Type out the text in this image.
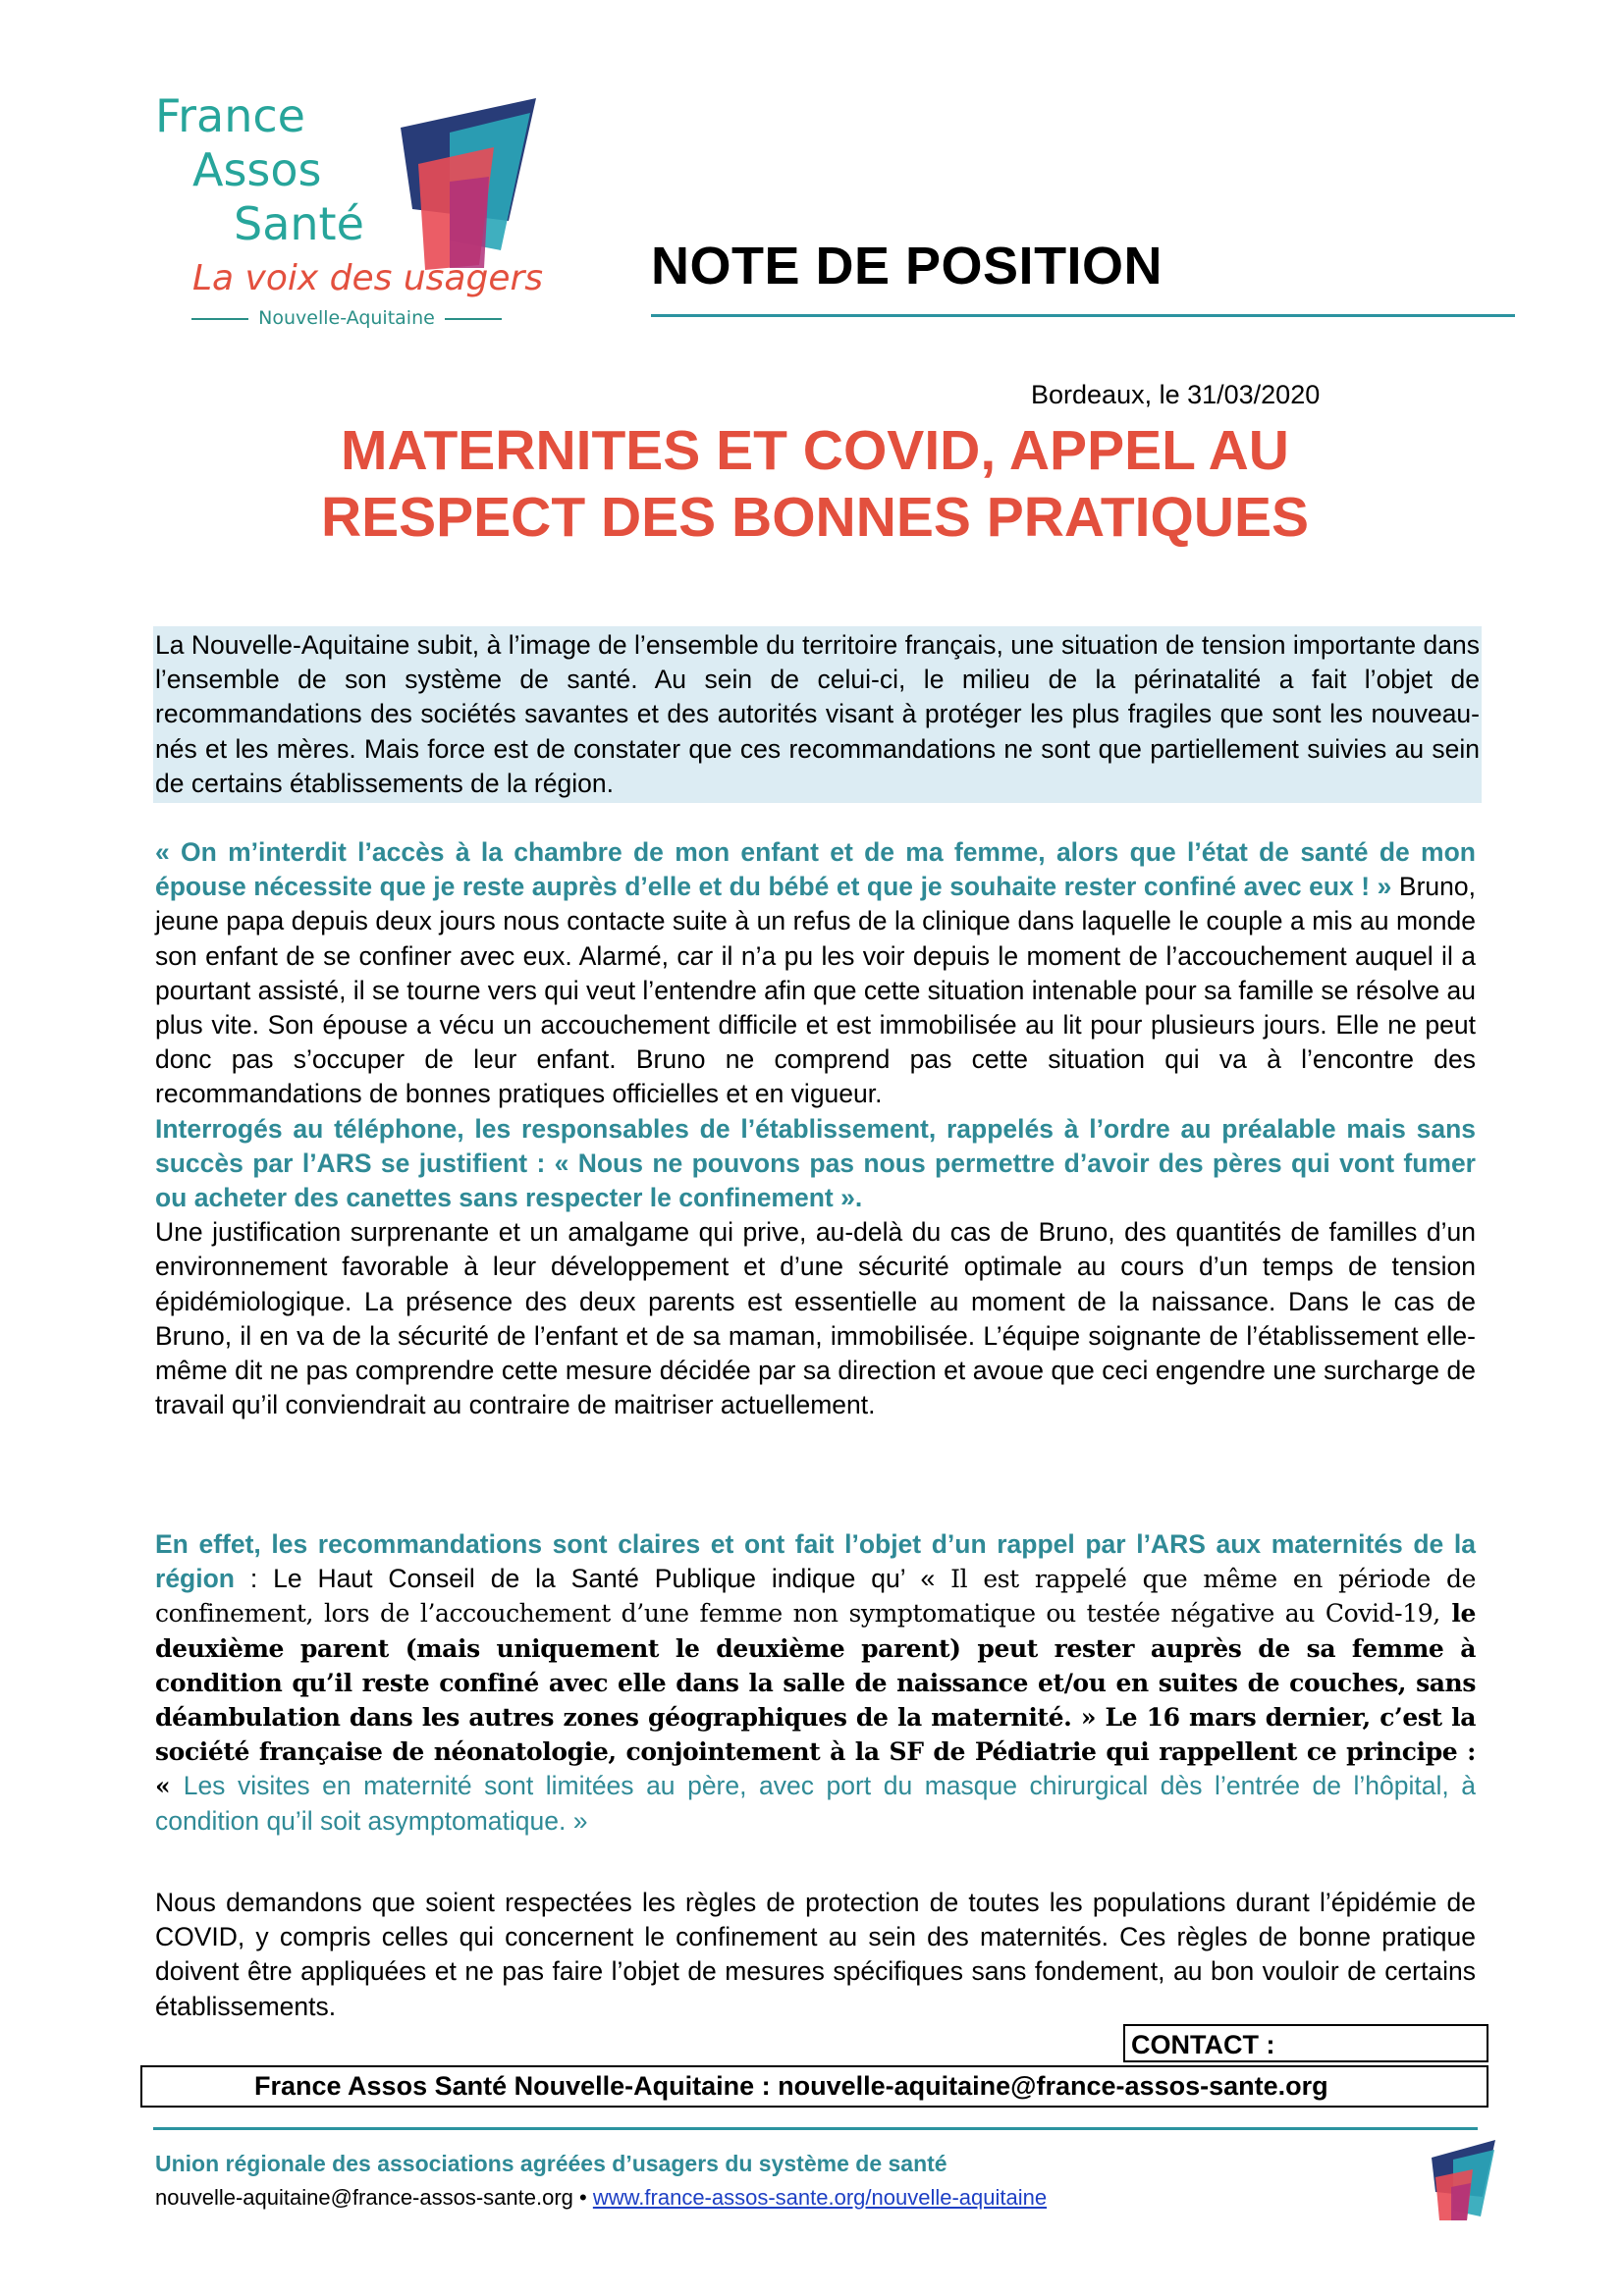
France
Assos
Santé
La voix des usagers
Nouvelle-Aquitaine
NOTE DE POSITION
Bordeaux, le 31/03/2020
MATERNITES ET COVID, APPEL AU
RESPECT DES BONNES PRATIQUES
La Nouvelle-Aquitaine subit, à l’image de l’ensemble du territoire français, une situation de tension importante dans l’ensemble de son système de santé. Au sein de celui-ci, le milieu de la périnatalité a fait l’objet de recommandations des sociétés savantes et des autorités visant à protéger les plus fragiles que sont les nouveau-nés et les mères. Mais force est de constater que ces recommandations ne sont que partiellement suivies au sein de certains établissements de la région.
« On m’interdit l’accès à la chambre de mon enfant et de ma femme, alors que l’état de santé de mon épouse nécessite que je reste auprès d’elle et du bébé et que je souhaite rester confiné avec eux ! » Bruno, jeune papa depuis deux jours nous contacte suite à un refus de la clinique dans laquelle le couple a mis au monde son enfant de se confiner avec eux. Alarmé, car il n’a pu les voir depuis le moment de l’accouchement auquel il a pourtant assisté, il se tourne vers qui veut l’entendre afin que cette situation intenable pour sa famille se résolve au plus vite. Son épouse a vécu un accouchement difficile et est immobilisée au lit pour plusieurs jours. Elle ne peut donc pas s’occuper de leur enfant. Bruno ne comprend pas cette situation qui va à l’encontre des recommandations de bonnes pratiques officielles et en vigueur.
Interrogés au téléphone, les responsables de l’établissement, rappelés à l’ordre au préalable mais sans succès par l’ARS se justifient : « Nous ne pouvons pas nous permettre d’avoir des pères qui vont fumer ou acheter des canettes sans respecter le confinement ».
Une justification surprenante et un amalgame qui prive, au-delà du cas de Bruno, des quantités de familles d’un environnement favorable à leur développement et d’une sécurité optimale au cours d’un temps de tension épidémiologique. La présence des deux parents est essentielle au moment de la naissance. Dans le cas de Bruno, il en va de la sécurité de l’enfant et de sa maman, immobilisée. L’équipe soignante de l’établissement elle-même dit ne pas comprendre cette mesure décidée par sa direction et avoue que ceci engendre une surcharge de travail qu’il conviendrait au contraire de maitriser actuellement.
En effet, les recommandations sont claires et ont fait l’objet d’un rappel par l’ARS aux maternités de la région : Le Haut Conseil de la Santé Publique indique qu’ « Il est rappelé que même en période de confinement, lors de l’accouchement d’une femme non symptomatique ou testée négative au Covid-19, le deuxième parent (mais uniquement le deuxième parent) peut rester auprès de sa femme à condition qu’il reste confiné avec elle dans la salle de naissance et/ou en suites de couches, sans déambulation dans les autres zones géographiques de la maternité. » Le 16 mars dernier, c’est la société française de néonatologie, conjointement à la SF de Pédiatrie qui rappellent ce principe : « Les visites en maternité sont limitées au père, avec port du masque chirurgical dès l’entrée de l’hôpital, à condition qu’il soit asymptomatique. »
Nous demandons que soient respectées les règles de protection de toutes les populations durant l’épidémie de COVID, y compris celles qui concernent le confinement au sein des maternités. Ces règles de bonne pratique doivent être appliquées et ne pas faire l’objet de mesures spécifiques sans fondement, au bon vouloir de certains établissements.
CONTACT :
France Assos Santé Nouvelle-Aquitaine : nouvelle-aquitaine@france-assos-sante.org
Union régionale des associations agréées d’usagers du système de santé
nouvelle-aquitaine@france-assos-sante.org • www.france-assos-sante.org/nouvelle-aquitaine
